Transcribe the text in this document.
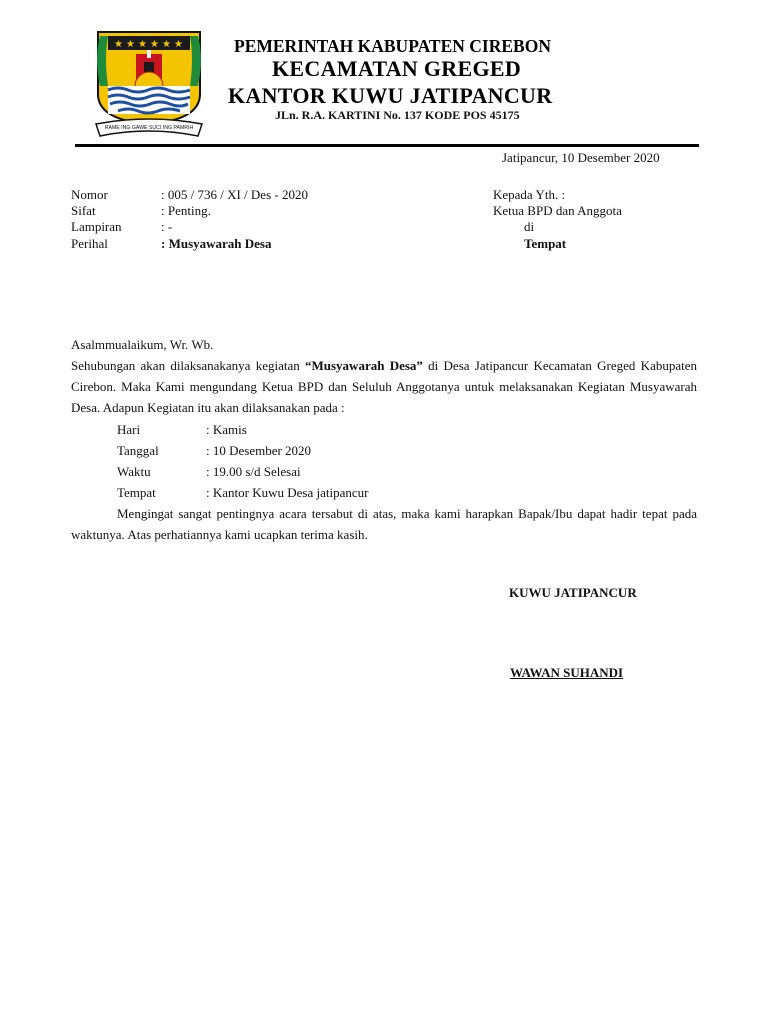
★ ★ ★ ★ ★ ★
RAME ING GAWE SUCI ING PAMRIH
PEMERINTAH KABUPATEN CIREBON
KECAMATAN GREGED
KANTOR KUWU JATIPANCUR
JLn. R.A. KARTINI No. 137 KODE POS 45175
Jatipancur, 10 Desember 2020
Nomor	: 005 / 736 / XI / Des - 2020
Sifat	: Penting.
Lampiran	: -
Perihal	: Musyawarah Desa
Kepada Yth. :
Ketua BPD dan Anggota
di
Tempat
Asalmmualaikum, Wr. Wb.
Sehubungan akan dilaksanakanya kegiatan “Musyawarah Desa” di Desa Jatipancur Kecamatan Greged Kabupaten Cirebon. Maka Kami mengundang Ketua BPD dan Seluluh Anggotanya untuk melaksanakan Kegiatan Musyawarah Desa. Adapun Kegiatan itu akan dilaksanakan pada :
Hari	: Kamis
Tanggal	: 10 Desember 2020
Waktu	: 19.00 s/d Selesai
Tempat	: Kantor Kuwu Desa jatipancur
Mengingat sangat pentingnya acara tersabut di atas, maka kami harapkan Bapak/Ibu dapat hadir tepat pada waktunya. Atas perhatiannya kami ucapkan terima kasih.
KUWU JATIPANCUR
WAWAN SUHANDI
